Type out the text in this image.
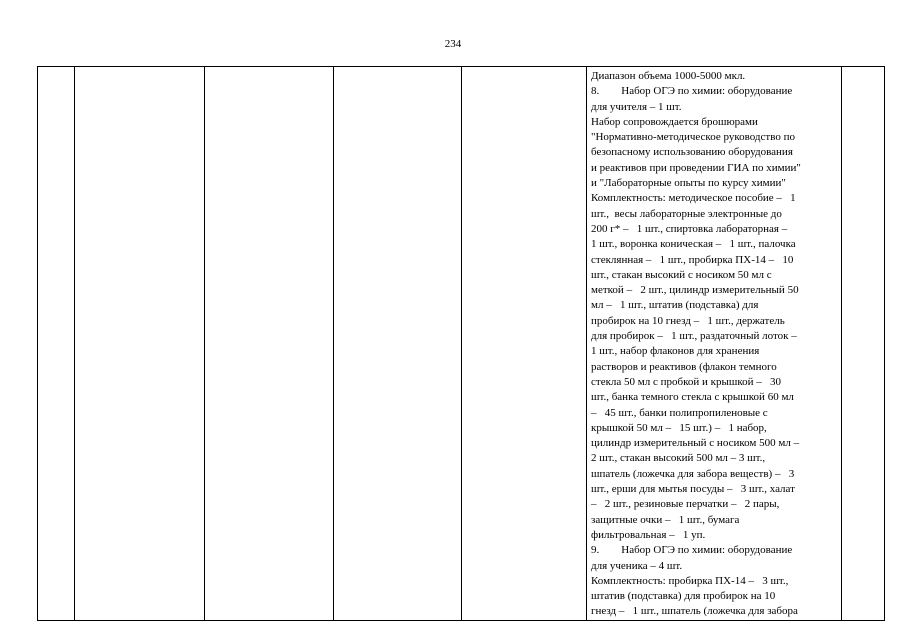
234

Диапазон объема 1000-5000 мкл.
8.        Набор ОГЭ по химии: оборудование
для учителя – 1 шт.
Набор сопровождается брошюрами
"Нормативно-методическое руководство по
безопасному использованию оборудования
и реактивов при проведении ГИА по химии"
и "Лабораторные опыты по курсу химии"
Комплектность: методическое пособие –   1
шт.,  весы лабораторные электронные до
200 г* –   1 шт., спиртовка лабораторная –
1 шт., воронка коническая –   1 шт., палочка
стеклянная –   1 шт., пробирка ПХ-14 –   10
шт., стакан высокий с носиком 50 мл с
меткой –   2 шт., цилиндр измерительный 50
мл –   1 шт., штатив (подставка) для
пробирок на 10 гнезд –   1 шт., держатель
для пробирок –   1 шт., раздаточный лоток –
1 шт., набор флаконов для хранения
растворов и реактивов (флакон темного
стекла 50 мл с пробкой и крышкой –   30
шт., банка темного стекла с крышкой 60 мл
–   45 шт., банки полипропиленовые с
крышкой 50 мл –   15 шт.) –   1 набор,
цилиндр измерительный с носиком 500 мл –
2 шт., стакан высокий 500 мл – 3 шт.,
шпатель (ложечка для забора веществ) –   3
шт., ерши для мытья посуды –   3 шт., халат
–   2 шт., резиновые перчатки –   2 пары,
защитные очки –   1 шт., бумага
фильтровальная –   1 уп.
9.        Набор ОГЭ по химии: оборудование
для ученика – 4 шт.
Комплектность: пробирка ПХ-14 –   3 шт.,
штатив (подставка) для пробирок на 10
гнезд –   1 шт., шпатель (ложечка для забора
